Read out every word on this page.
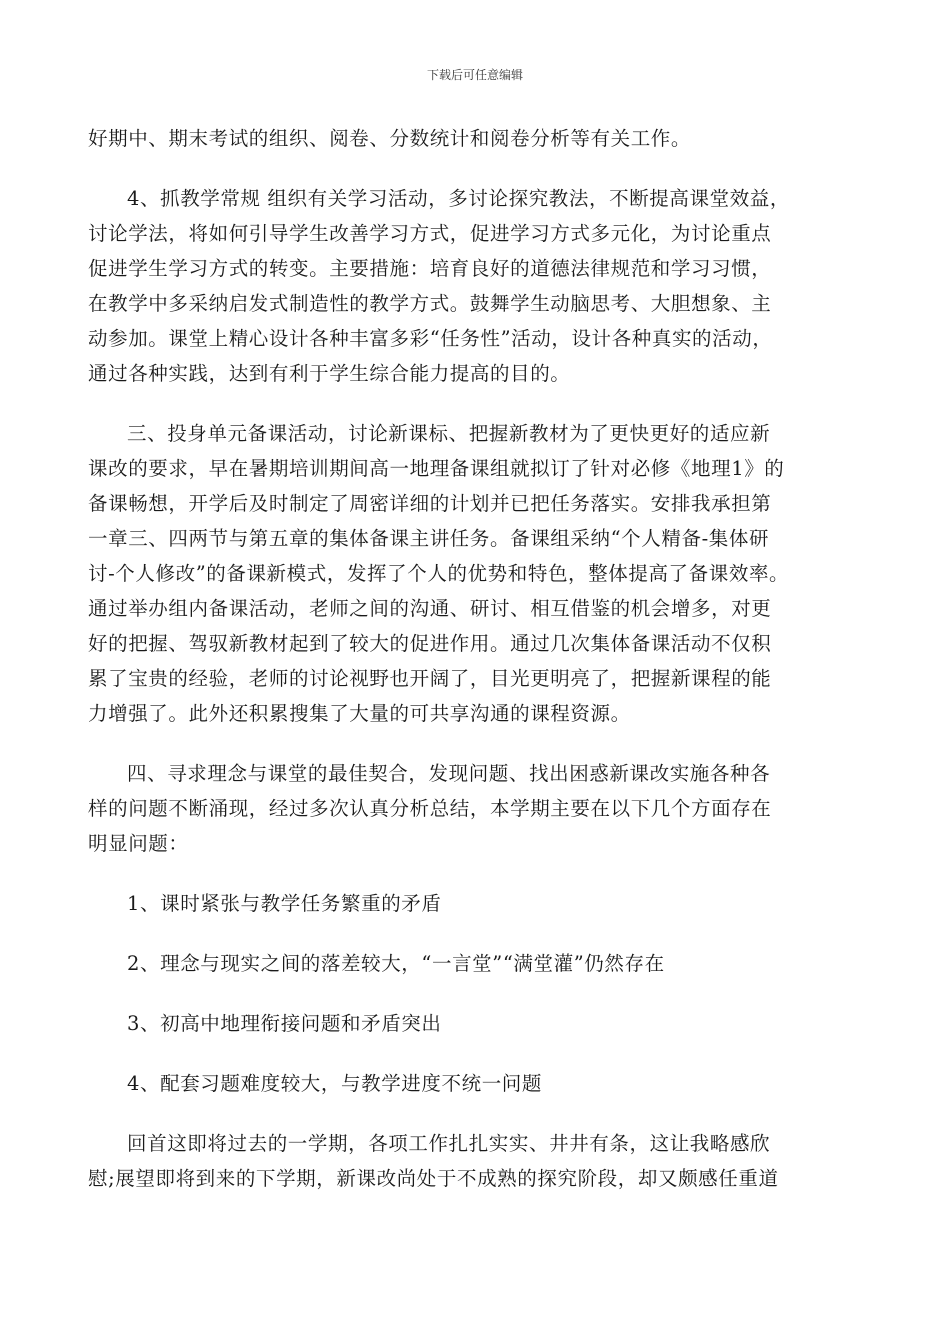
下载后可任意编辑

好期中、期末考试的组织、阅卷、分数统计和阅卷分析等有关工作。

4、抓教学常规 组织有关学习活动，多讨论探究教法，不断提高课堂效益，
讨论学法，将如何引导学生改善学习方式，促进学习方式多元化，为讨论重点
促进学生学习方式的转变。主要措施：培育良好的道德法律规范和学习习惯，
在教学中多采纳启发式制造性的教学方式。鼓舞学生动脑思考、大胆想象、主
动参加。课堂上精心设计各种丰富多彩“任务性”活动，设计各种真实的活动，
通过各种实践，达到有利于学生综合能力提高的目的。

三、投身单元备课活动，讨论新课标、把握新教材为了更快更好的适应新
课改的要求，早在暑期培训期间高一地理备课组就拟订了针对必修《地理1》的
备课畅想，开学后及时制定了周密详细的计划并已把任务落实。安排我承担第
一章三、四两节与第五章的集体备课主讲任务。备课组采纳“个人精备-集体研
讨-个人修改”的备课新模式，发挥了个人的优势和特色，整体提高了备课效率。
通过举办组内备课活动，老师之间的沟通、研讨、相互借鉴的机会增多，对更
好的把握、驾驭新教材起到了较大的促进作用。通过几次集体备课活动不仅积
累了宝贵的经验，老师的讨论视野也开阔了，目光更明亮了，把握新课程的能
力增强了。此外还积累搜集了大量的可共享沟通的课程资源。

四、寻求理念与课堂的最佳契合，发现问题、找出困惑新课改实施各种各
样的问题不断涌现，经过多次认真分析总结，本学期主要在以下几个方面存在
明显问题：

1、课时紧张与教学任务繁重的矛盾

2、理念与现实之间的落差较大，“一言堂”“满堂灌”仍然存在

3、初高中地理衔接问题和矛盾突出

4、配套习题难度较大，与教学进度不统一问题

回首这即将过去的一学期，各项工作扎扎实实、井井有条，这让我略感欣
慰;展望即将到来的下学期，新课改尚处于不成熟的探究阶段，却又颇感任重道
